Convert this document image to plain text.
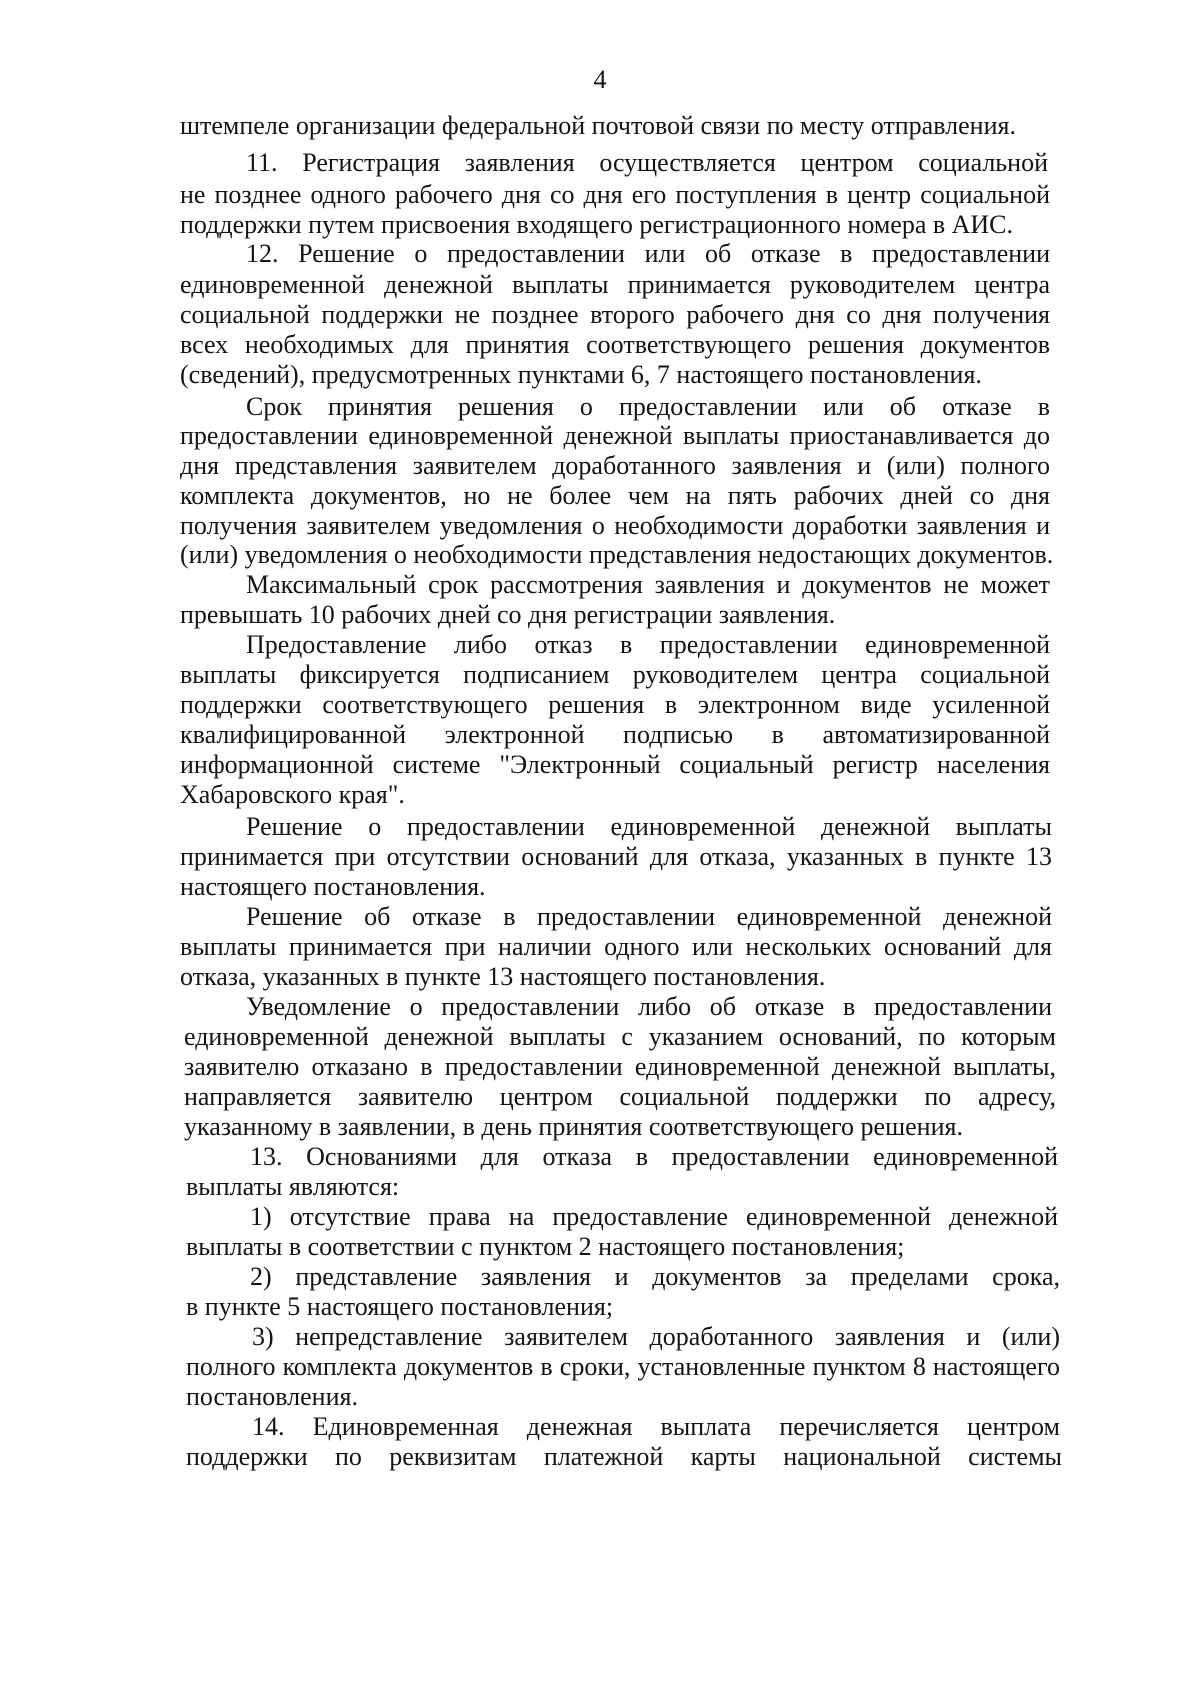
4
штемпеле организации федеральной почтовой связи по месту отправления.
11. Регистрация заявления осуществляется центром социальной
не позднее одного рабочего дня со дня его поступления в центр социальной
поддержки путем присвоения входящего регистрационного номера в АИС.
12. Решение о предоставлении или об отказе в предоставлении
единовременной денежной выплаты принимается руководителем центра
социальной поддержки не позднее второго рабочего дня со дня получения
всех необходимых для принятия соответствующего решения документов
(сведений), предусмотренных пунктами 6, 7 настоящего постановления.
Срок принятия решения о предоставлении или об отказе в
предоставлении единовременной денежной выплаты приостанавливается до
дня представления заявителем доработанного заявления и (или) полного
комплекта документов, но не более чем на пять рабочих дней со дня
получения заявителем уведомления о необходимости доработки заявления и
(или) уведомления о необходимости представления недостающих документов.
Максимальный срок рассмотрения заявления и документов не может
превышать 10 рабочих дней со дня регистрации заявления.
Предоставление либо отказ в предоставлении единовременной
выплаты фиксируется подписанием руководителем центра социальной
поддержки соответствующего решения в электронном виде усиленной
квалифицированной электронной подписью в автоматизированной
информационной системе "Электронный социальный регистр населения
Хабаровского края".
Решение о предоставлении единовременной денежной выплаты
принимается при отсутствии оснований для отказа, указанных в пункте 13
настоящего постановления.
Решение об отказе в предоставлении единовременной денежной
выплаты принимается при наличии одного или нескольких оснований для
отказа, указанных в пункте 13 настоящего постановления.
Уведомление о предоставлении либо об отказе в предоставлении
единовременной денежной выплаты с указанием оснований, по которым
заявителю отказано в предоставлении единовременной денежной выплаты,
направляется заявителю центром социальной поддержки по адресу,
указанному в заявлении, в день принятия соответствующего решения.
13. Основаниями для отказа в предоставлении единовременной
выплаты являются:
1) отсутствие права на предоставление единовременной денежной
выплаты в соответствии с пунктом 2 настоящего постановления;
2) представление заявления и документов за пределами срока,
в пункте 5 настоящего постановления;
3) непредставление заявителем доработанного заявления и (или)
полного комплекта документов в сроки, установленные пунктом 8 настоящего
постановления.
14. Единовременная денежная выплата перечисляется центром
поддержки по реквизитам платежной карты национальной системы
